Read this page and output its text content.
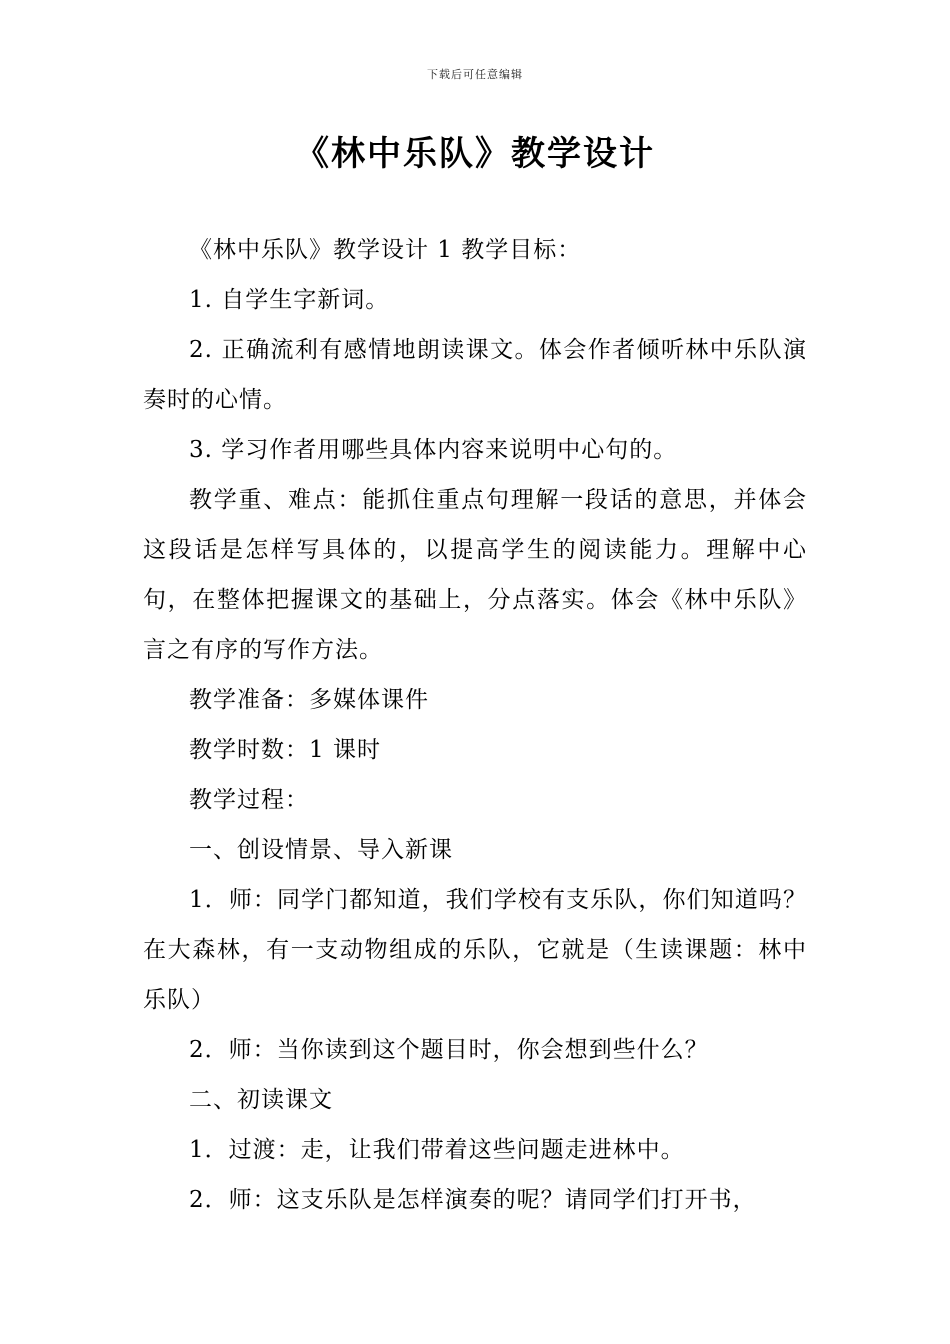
下载后可任意编辑
《林中乐队》教学设计

《林中乐队》教学设计 1 教学目标：

1. 自学生字新词。

2. 正确流利有感情地朗读课文。体会作者倾听林中乐队演奏时的心情。

3. 学习作者用哪些具体内容来说明中心句的。

教学重、难点：能抓住重点句理解一段话的意思，并体会这段话是怎样写具体的，以提高学生的阅读能力。理解中心句，在整体把握课文的基础上，分点落实。体会《林中乐队》言之有序的写作方法。

教学准备：多媒体课件

教学时数：1 课时

教学过程：

一、创设情景、导入新课

1．师：同学门都知道，我们学校有支乐队，你们知道吗？在大森林，有一支动物组成的乐队，它就是（生读课题：林中乐队）

2．师：当你读到这个题目时，你会想到些什么？

二、初读课文

1．过渡：走，让我们带着这些问题走进林中。

2．师：这支乐队是怎样演奏的呢？请同学们打开书，
